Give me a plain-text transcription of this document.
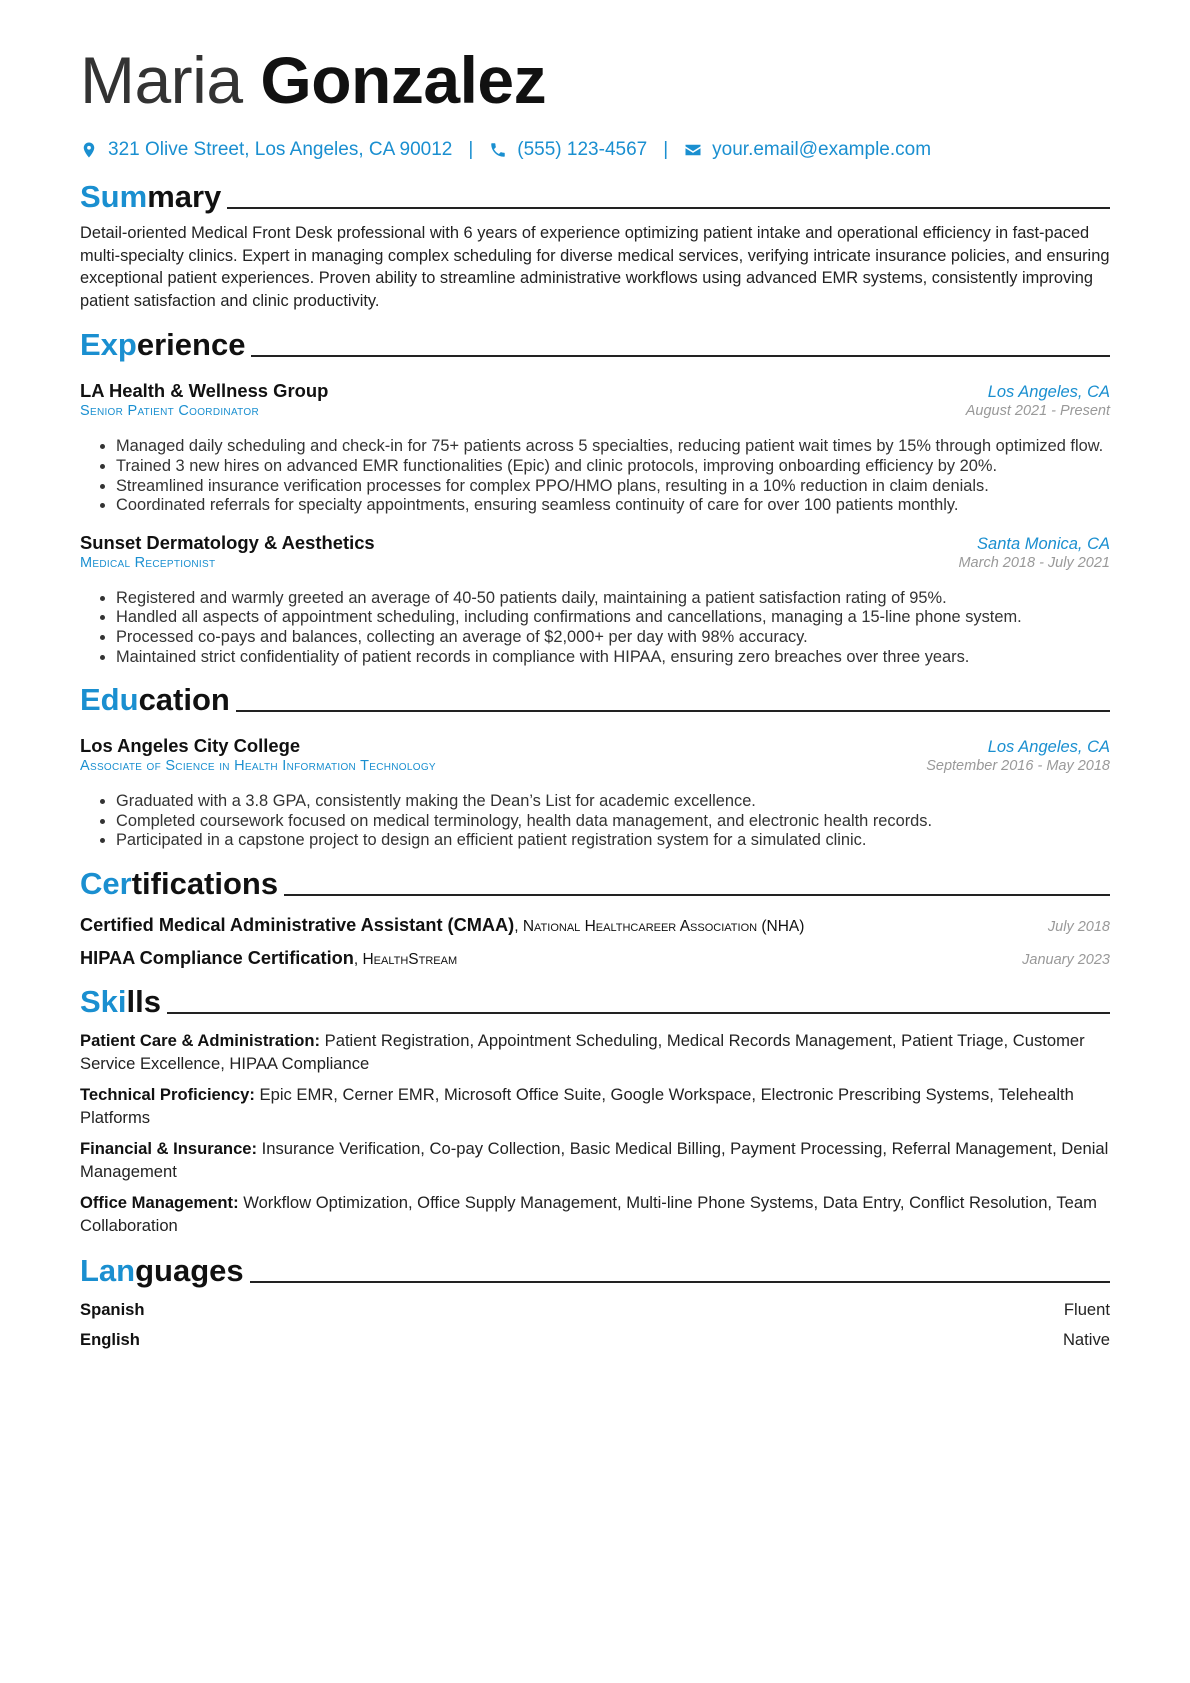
Maria Gonzalez
321 Olive Street, Los Angeles, CA 90012 | (555) 123-4567 | your.email@example.com
Summary

Detail-oriented Medical Front Desk professional with 6 years of experience optimizing patient intake and operational efficiency in fast-paced multi-specialty clinics. Expert in managing complex scheduling for diverse medical services, verifying intricate insurance policies, and ensuring exceptional patient experiences. Proven ability to streamline administrative workflows using advanced EMR systems, consistently improving patient satisfaction and clinic productivity.

Experience
LA Health & Wellness Group	Los Angeles, CA
Senior Patient Coordinator	August 2021 - Present
• Managed daily scheduling and check-in for 75+ patients across 5 specialties, reducing patient wait times by 15% through optimized flow.
• Trained 3 new hires on advanced EMR functionalities (Epic) and clinic protocols, improving onboarding efficiency by 20%.
• Streamlined insurance verification processes for complex PPO/HMO plans, resulting in a 10% reduction in claim denials.
• Coordinated referrals for specialty appointments, ensuring seamless continuity of care for over 100 patients monthly.
Sunset Dermatology & Aesthetics	Santa Monica, CA
Medical Receptionist	March 2018 - July 2021
• Registered and warmly greeted an average of 40-50 patients daily, maintaining a patient satisfaction rating of 95%.
• Handled all aspects of appointment scheduling, including confirmations and cancellations, managing a 15-line phone system.
• Processed co-pays and balances, collecting an average of $2,000+ per day with 98% accuracy.
• Maintained strict confidentiality of patient records in compliance with HIPAA, ensuring zero breaches over three years.
Education
Los Angeles City College	Los Angeles, CA
Associate of Science in Health Information Technology	September 2016 - May 2018
• Graduated with a 3.8 GPA, consistently making the Dean’s List for academic excellence.
• Completed coursework focused on medical terminology, health data management, and electronic health records.
• Participated in a capstone project to design an efficient patient registration system for a simulated clinic.
Certifications
Certified Medical Administrative Assistant (CMAA), National Healthcareer Association (NHA)	July 2018
HIPAA Compliance Certification, HealthStream	January 2023
Skills
Patient Care & Administration: Patient Registration, Appointment Scheduling, Medical Records Management, Patient Triage, Customer Service Excellence, HIPAA Compliance
Technical Proficiency: Epic EMR, Cerner EMR, Microsoft Office Suite, Google Workspace, Electronic Prescribing Systems, Telehealth Platforms
Financial & Insurance: Insurance Verification, Co-pay Collection, Basic Medical Billing, Payment Processing, Referral Management, Denial Management
Office Management: Workflow Optimization, Office Supply Management, Multi-line Phone Systems, Data Entry, Conflict Resolution, Team Collaboration
Languages
Spanish	Fluent
English	Native
